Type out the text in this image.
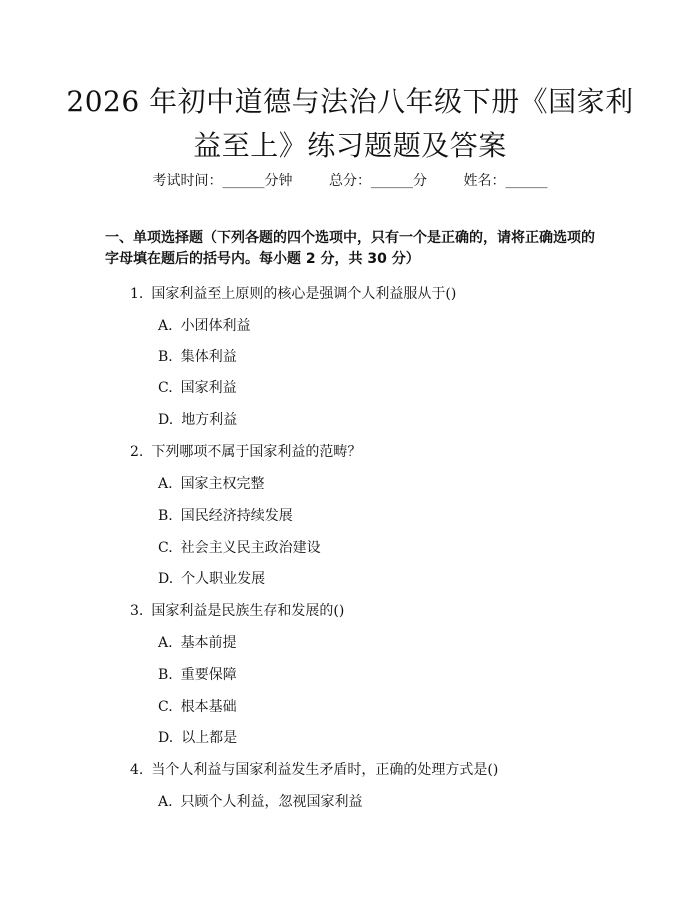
2026 年初中道德与法治八年级下册《国家利
益至上》练习题题及答案
考试时间：______分钟	总分：______分	姓名：______

一、单项选择题（下列各题的四个选项中，只有一个是正确的，请将正确选项的字母填在题后的括号内。每小题 2 分，共 30 分）

1. 国家利益至上原则的核心是强调个人利益服从于()
A. 小团体利益
B. 集体利益
C. 国家利益
D. 地方利益
2. 下列哪项不属于国家利益的范畴？
A. 国家主权完整
B. 国民经济持续发展
C. 社会主义民主政治建设
D. 个人职业发展
3. 国家利益是民族生存和发展的()
A. 基本前提
B. 重要保障
C. 根本基础
D. 以上都是
4. 当个人利益与国家利益发生矛盾时，正确的处理方式是()
A. 只顾个人利益，忽视国家利益
